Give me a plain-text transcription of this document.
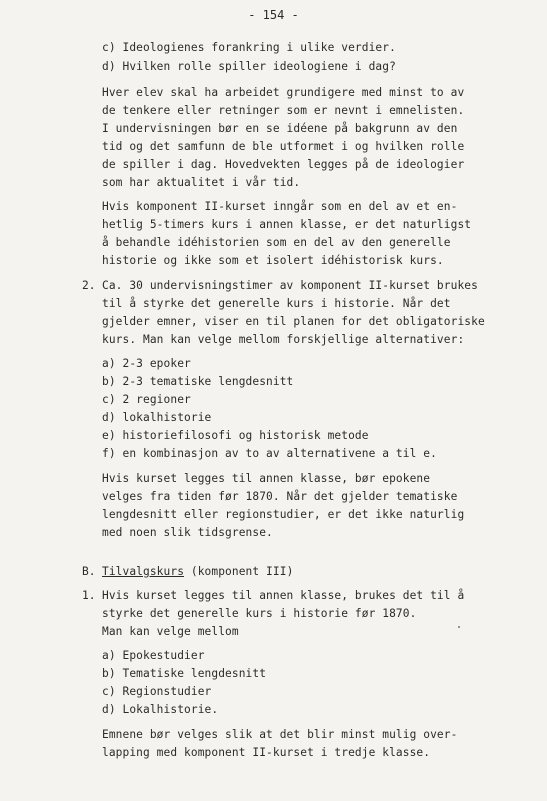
- 154 -
c) Ideologienes forankring i ulike verdier.
d) Hvilken rolle spiller ideologiene i dag?
Hver elev skal ha arbeidet grundigere med minst to av
de tenkere eller retninger som er nevnt i emnelisten.
I undervisningen bør en se idéene på bakgrunn av den
tid og det samfunn de ble utformet i og hvilken rolle
de spiller i dag. Hovedvekten legges på de ideologier
som har aktualitet i vår tid.
Hvis komponent II-kurset inngår som en del av et en-
hetlig 5-timers kurs i annen klasse, er det naturligst
å behandle idéhistorien som en del av den generelle
historie og ikke som et isolert idéhistorisk kurs.
2. Ca. 30 undervisningstimer av komponent II-kurset brukes
til å styrke det generelle kurs i historie. Når det
gjelder emner, viser en til planen for det obligatoriske
kurs. Man kan velge mellom forskjellige alternativer:
a) 2-3 epoker
b) 2-3 tematiske lengdesnitt
c) 2 regioner
d) lokalhistorie
e) historiefilosofi og historisk metode
f) en kombinasjon av to av alternativene a til e.
Hvis kurset legges til annen klasse, bør epokene
velges fra tiden før 1870. Når det gjelder tematiske
lengdesnitt eller regionstudier, er det ikke naturlig
med noen slik tidsgrense.
B. Tilvalgskurs (komponent III)
1. Hvis kurset legges til annen klasse, brukes det til å
styrke det generelle kurs i historie før 1870.
Man kan velge mellom
a) Epokestudier
b) Tematiske lengdesnitt
c) Regionstudier
d) Lokalhistorie.
Emnene bør velges slik at det blir minst mulig over-
lapping med komponent II-kurset i tredje klasse.
